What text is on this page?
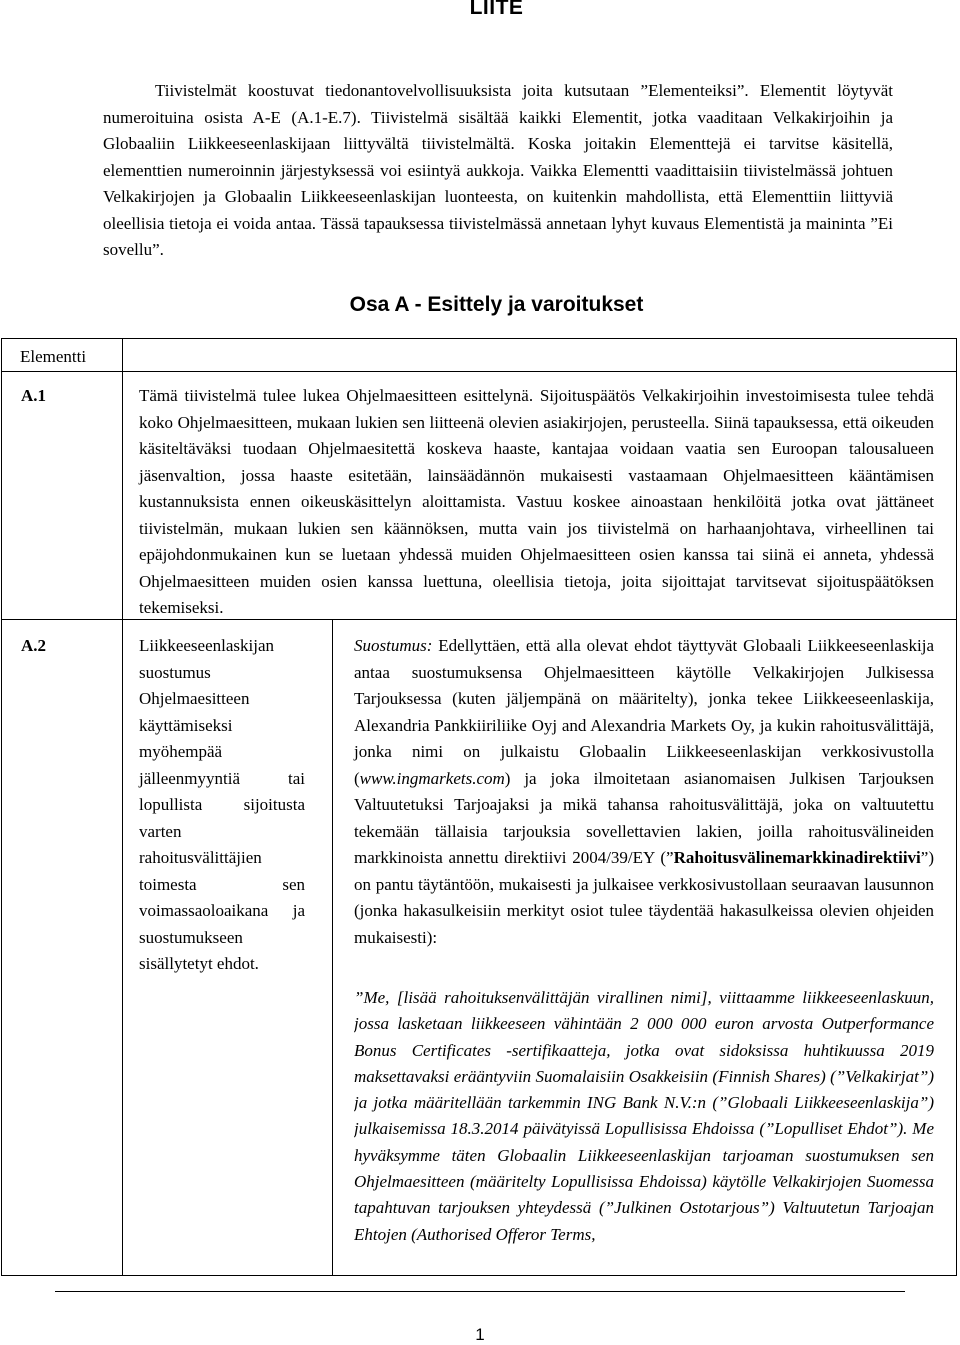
LIITE
Tiivistelmät koostuvat tiedonantovelvollisuuksista joita kutsutaan ”Elementeiksi”. Elementit löytyvät numeroituina osista A-E (A.1-E.7). Tiivistelmä sisältää kaikki Elementit, jotka vaaditaan Velkakirjoihin ja Globaaliin Liikkeeseenlaskijaan liittyvältä tiivistelmältä. Koska joitakin Elementtejä ei tarvitse käsitellä, elementtien numeroinnin järjestyksessä voi esiintyä aukkoja. Vaikka Elementti vaadittaisiin tiivistelmässä johtuen Velkakirjojen ja Globaalin Liikkeeseenlaskijan luonteesta, on kuitenkin mahdollista, että Elementtiin liittyviä oleellisia tietoja ei voida antaa. Tässä tapauksessa tiivistelmässä annetaan lyhyt kuvaus Elementistä ja maininta ”Ei sovellu”.
Osa A - Esittely ja varoitukset
Elementti
A.1	Tämä tiivistelmä tulee lukea Ohjelmaesitteen esittelynä. Sijoituspäätös Velkakirjoihin investoimisesta tulee tehdä koko Ohjelmaesitteen, mukaan lukien sen liitteenä olevien asiakirjojen, perusteella. Siinä tapauksessa, että oikeuden käsiteltäväksi tuodaan Ohjelmaesitettä koskeva haaste, kantajaa voidaan vaatia sen Euroopan talousalueen jäsenvaltion, jossa haaste esitetään, lainsäädännön mukaisesti vastaamaan Ohjelmaesitteen kääntämisen kustannuksista ennen oikeuskäsittelyn aloittamista. Vastuu koskee ainoastaan henkilöitä jotka ovat jättäneet tiivistelmän, mukaan lukien sen käännöksen, mutta vain jos tiivistelmä on harhaanjohtava, virheellinen tai epäjohdonmukainen kun se luetaan yhdessä muiden Ohjelmaesitteen osien kanssa tai siinä ei anneta, yhdessä Ohjelmaesitteen muiden osien kanssa luettuna, oleellisia tietoja, joita sijoittajat tarvitsevat sijoituspäätöksen tekemiseksi.
A.2	Liikkeeseenlaskijan
suostumus
Ohjelmaesitteen
käyttämiseksi
myöhempää
jälleenmyyntiä tai
lopullista sijoitusta
varten
rahoitusvälittäjien
toimesta sen
voimassaoloaikana ja
suostumukseen
sisällytetyt ehdot.
Suostumus: Edellyttäen, että alla olevat ehdot täyttyvät Globaali Liikkeeseenlaskija antaa suostumuksensa Ohjelmaesitteen käytölle Velkakirjojen Julkisessa Tarjouksessa (kuten jäljempänä on määritelty), jonka tekee Liikkeeseenlaskija, Alexandria Pankkiiriliike Oyj and Alexandria Markets Oy, ja kukin rahoitusvälittäjä, jonka nimi on julkaistu Globaalin Liikkeeseenlaskijan verkkosivustolla (www.ingmarkets.com) ja joka ilmoitetaan asianomaisen Julkisen Tarjouksen Valtuutetuksi Tarjoajaksi ja mikä tahansa rahoitusvälittäjä, joka on valtuutettu tekemään tällaisia tarjouksia sovellettavien lakien, joilla rahoitusvälineiden markkinoista annettu direktiivi 2004/39/EY (”Rahoitusvälinemarkkinadirektiivi”) on pantu täytäntöön, mukaisesti ja julkaisee verkkosivustollaan seuraavan lausunnon (jonka hakasulkeisiin merkityt osiot tulee täydentää hakasulkeissa olevien ohjeiden mukaisesti):
”Me, [lisää rahoituksenvälittäjän virallinen nimi], viittaamme liikkeeseenlaskuun, jossa lasketaan liikkeeseen vähintään 2 000 000 euron arvosta Outperformance Bonus Certificates -sertifikaatteja, jotka ovat sidoksissa huhtikuussa 2019 maksettavaksi erääntyviin Suomalaisiin Osakkeisiin (Finnish Shares) (”Velkakirjat”) ja jotka määritellään tarkemmin ING Bank N.V.:n (”Globaali Liikkeeseenlaskija”) julkaisemissa 18.3.2014 päivätyissä Lopullisissa Ehdoissa (”Lopulliset Ehdot”). Me hyväksymme täten Globaalin Liikkeeseenlaskijan tarjoaman suostumuksen sen Ohjelmaesitteen (määritelty Lopullisissa Ehdoissa) käytölle Velkakirjojen Suomessa tapahtuvan tarjouksen yhteydessä (”Julkinen Ostotarjous”) Valtuutetun Tarjoajan Ehtojen (Authorised Offeror Terms,
1
